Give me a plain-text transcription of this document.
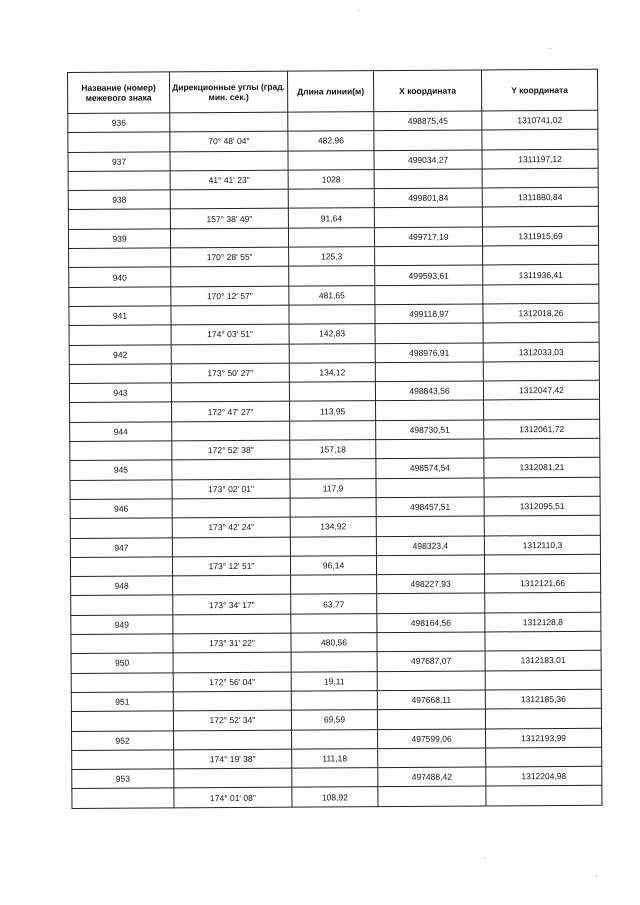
Название (номер) межевого знака	Дирекционные углы (град. мин. сек.)	Длина линии(м)	X координата	Y координата
936			498875,45	1310741,02
	70° 48' 04"	482,96		
937			499034,27	1311197,12
	41° 41' 23"	1028		
938			499801,84	1311880,84
	157° 38' 49"	91,64		
939			499717,19	1311915,69
	170° 28' 55"	125,3		
940			499593,61	1311936,41
	170° 12' 57"	481,65		
941			499118,97	1312018,26
	174° 03' 51"	142,83		
942			498976,91	1312033,03
	173° 50' 27"	134,12		
943			498843,56	1312047,42
	172° 47' 27"	113,95		
944			498730,51	1312061,72
	172° 52' 38"	157,18		
945			498574,54	1312081,21
	173° 02' 01"	117,9		
946			498457,51	1312095,51
	173° 42' 24"	134,92		
947			498323,4	1312110,3
	173° 12' 51"	96,14		
948			498227,93	1312121,66
	173° 34' 17"	63,77		
949			498164,56	1312128,8
	173° 31' 22"	480,56		
950			497687,07	1312183,01
	172° 56' 04"	19,11		
951			497668,11	1312185,36
	172° 52' 34"	69,59		
952			497599,06	1312193,99
	174° 19' 38"	111,18		
953			497488,42	1312204,98
	174° 01' 08"	108,92		
